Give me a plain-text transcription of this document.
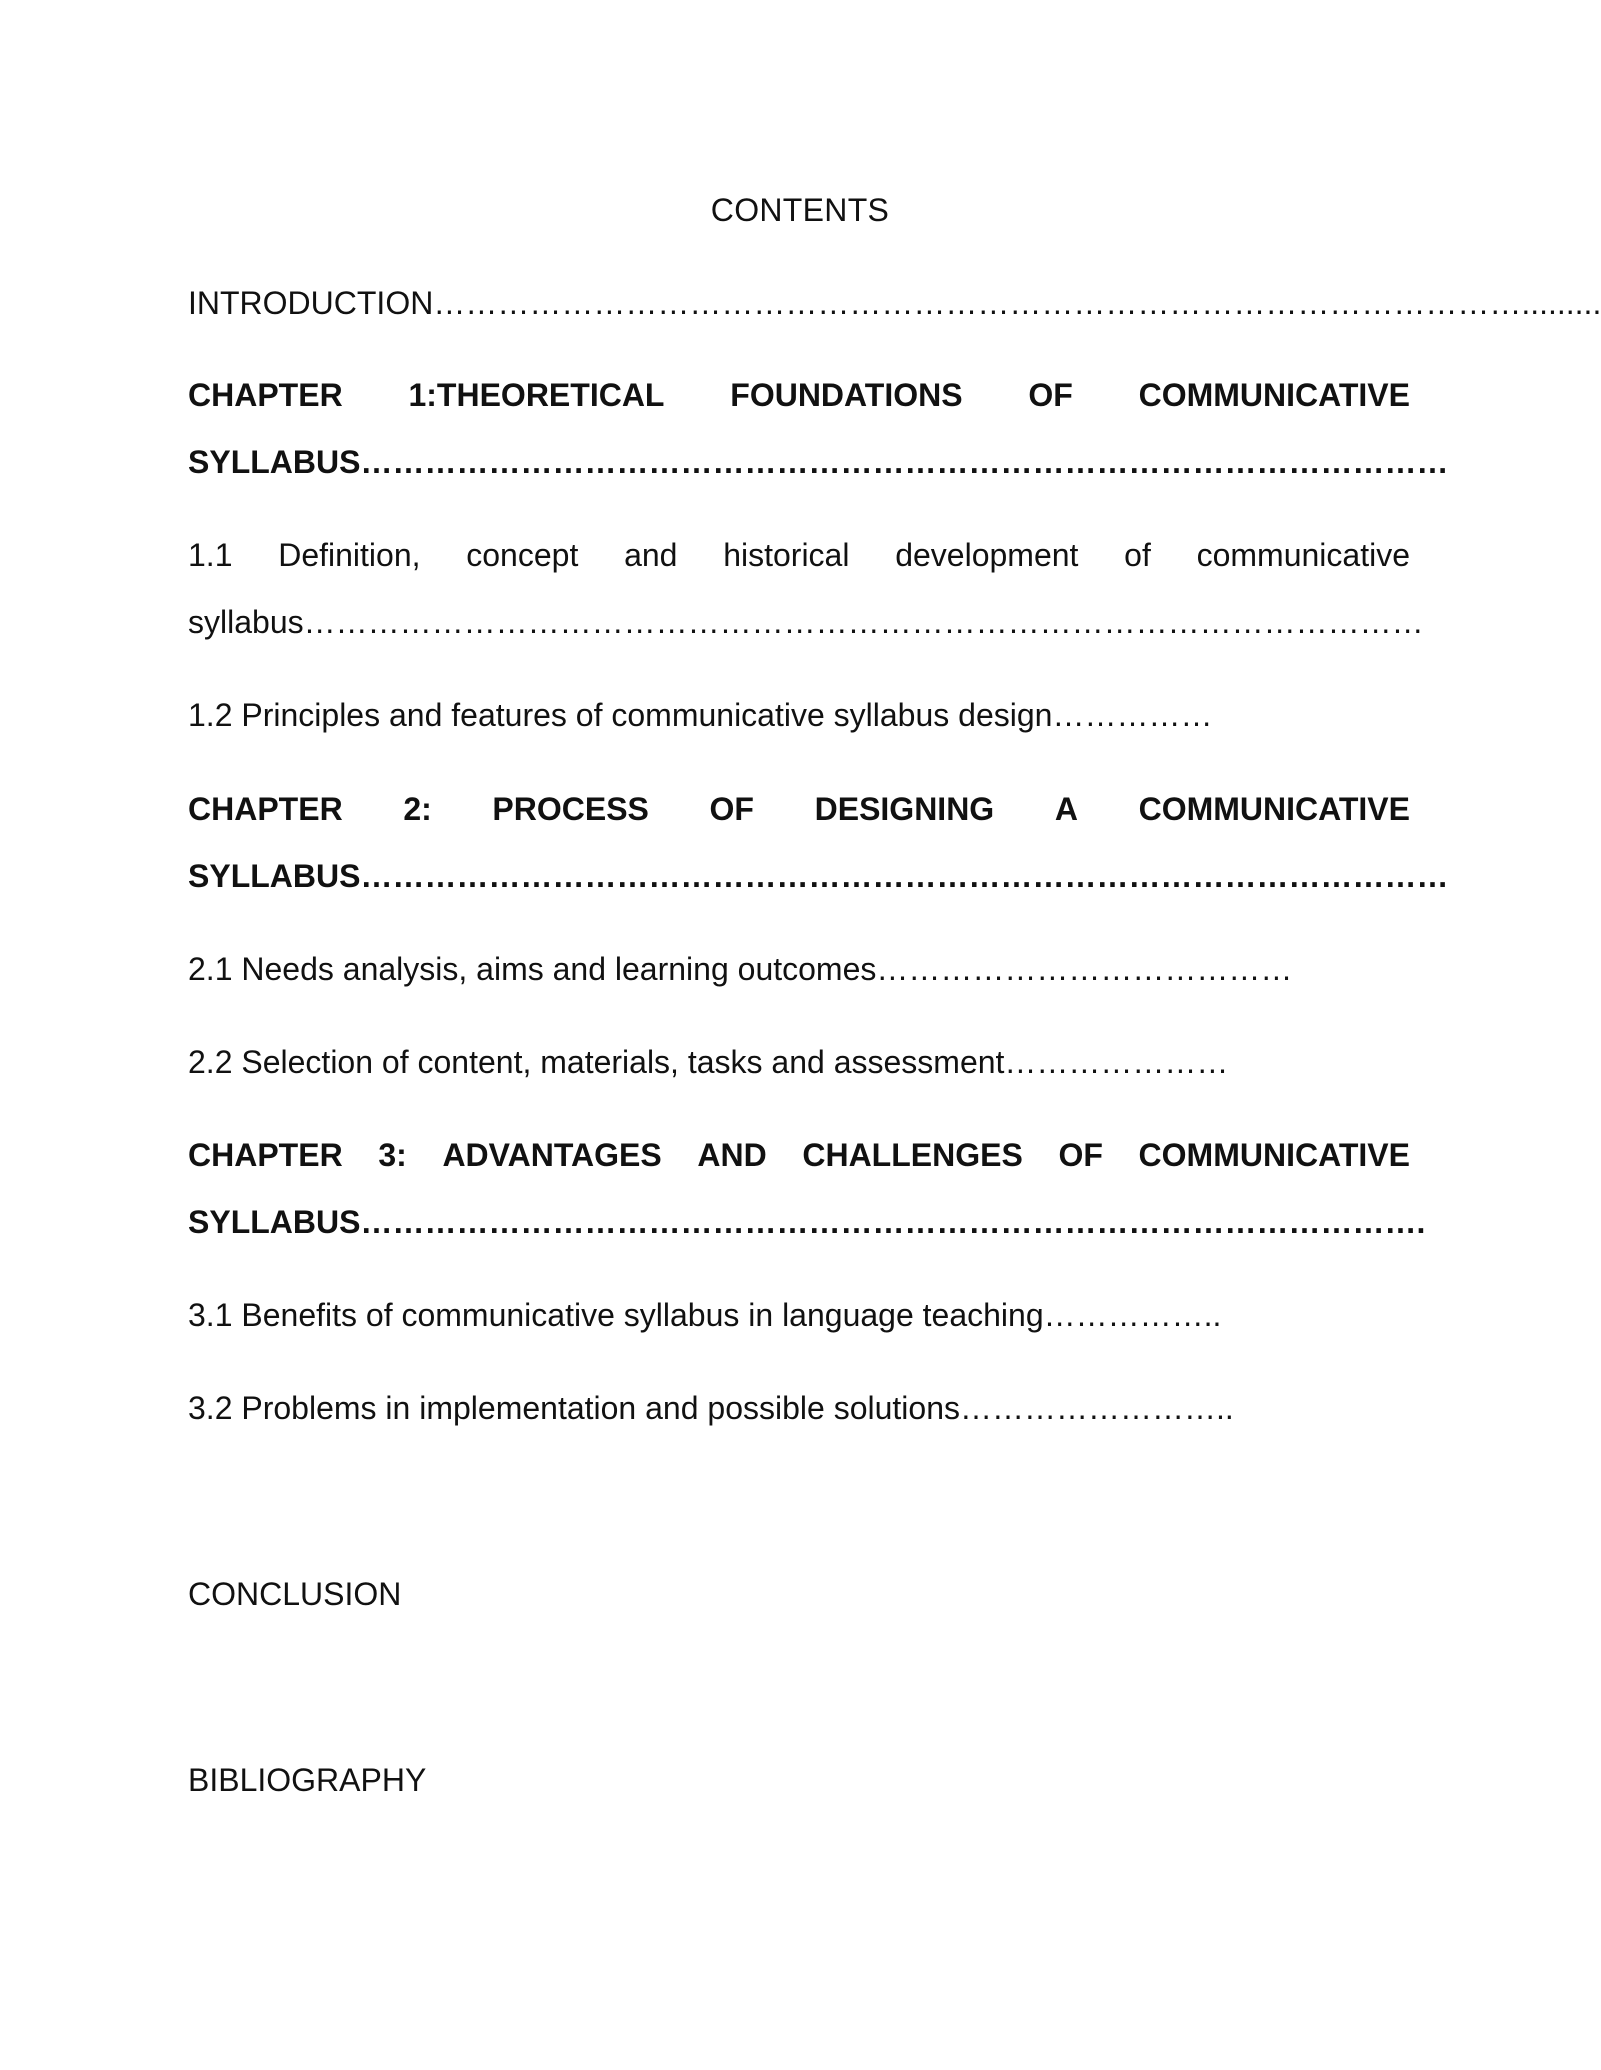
CONTENTS
INTRODUCTION………………………………………………………………………………………….........
CHAPTER 1:THEORETICAL FOUNDATIONS OF COMMUNICATIVE
SYLLABUS…………………………………………………………………………………………
1.1 Definition, concept and historical development of communicative
syllabus……………………………………………………………………………………………
1.2 Principles and features of communicative syllabus design……………
CHAPTER 2: PROCESS OF DESIGNING A COMMUNICATIVE
SYLLABUS…………………………………………………………………………………………
2.1 Needs analysis, aims and learning outcomes…………………………………
2.2 Selection of content, materials, tasks and assessment…………………
CHAPTER 3: ADVANTAGES AND CHALLENGES OF COMMUNICATIVE
SYLLABUS……………………………………………………………………………………….
3.1 Benefits of communicative syllabus in language teaching……………..
3.2 Problems in implementation and possible solutions……………………..
CONCLUSION
BIBLIOGRAPHY
